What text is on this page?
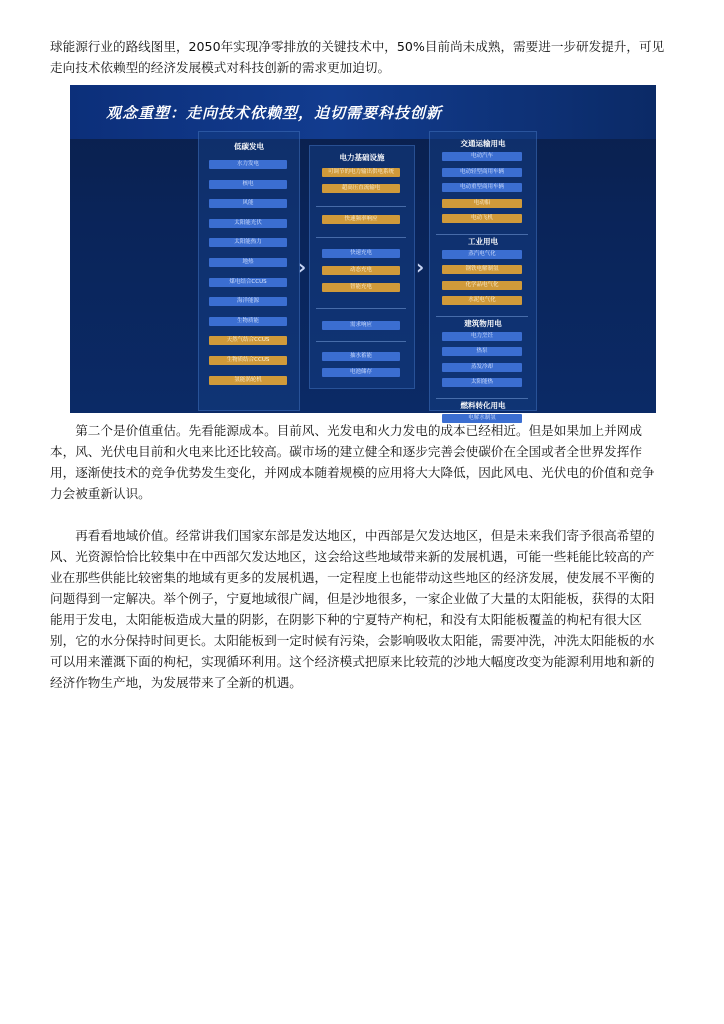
球能源行业的路线图里，2050年实现净零排放的关键技术中，50%目前尚未成熟，需要进一步研发提升，可见
走向技术依赖型的经济发展模式对科技创新的需求更加迫切。

观念重塑：走向技术依赖型，迫切需要科技创新
低碳发电
水力发电
核电
风能
太阳能光伏
太阳能热力
地热
煤电结合CCUS
海洋能源
生物质能
天然气结合CCUS
生物质结合CCUS
氢能涡轮机
›
电力基础设施
可调节的电力输出供电系统
超高压直流输电
快速频率响应
快速充电
动态充电
智能充电
需求响应
抽水蓄能
电池储存
›
交通运输用电
电动汽车
电动轻型商用车辆
电动重型商用车辆
电动船
电动飞机
工业用电
蒸汽电气化
钢铁电解制氢
化学品电气化
水泥电气化
建筑物用电
电力烹饪
热泵
蒸发冷却
太阳能热
燃料转化用电
电解水制氢

　　第二个是价值重估。先看能源成本。目前风、光发电和火力发电的成本已经相近。但是如果加上并网成
本，风、光伏电目前和火电来比还比较高。碳市场的建立健全和逐步完善会使碳价在全国或者全世界发挥作
用，逐渐使技术的竞争优势发生变化，并网成本随着规模的应用将大大降低，因此风电、光伏电的价值和竞争
力会被重新认识。

　　再看看地域价值。经常讲我们国家东部是发达地区，中西部是欠发达地区，但是未来我们寄予很高希望的
风、光资源恰恰比较集中在中西部欠发达地区，这会给这些地域带来新的发展机遇，可能一些耗能比较高的产
业在那些供能比较密集的地域有更多的发展机遇，一定程度上也能带动这些地区的经济发展，使发展不平衡的
问题得到一定解决。举个例子，宁夏地域很广阔，但是沙地很多，一家企业做了大量的太阳能板，获得的太阳
能用于发电，太阳能板造成大量的阴影，在阴影下种的宁夏特产枸杞，和没有太阳能板覆盖的枸杞有很大区
别，它的水分保持时间更长。太阳能板到一定时候有污染，会影响吸收太阳能，需要冲洗，冲洗太阳能板的水
可以用来灌溉下面的枸杞，实现循环利用。这个经济模式把原来比较荒的沙地大幅度改变为能源利用地和新的
经济作物生产地，为发展带来了全新的机遇。
